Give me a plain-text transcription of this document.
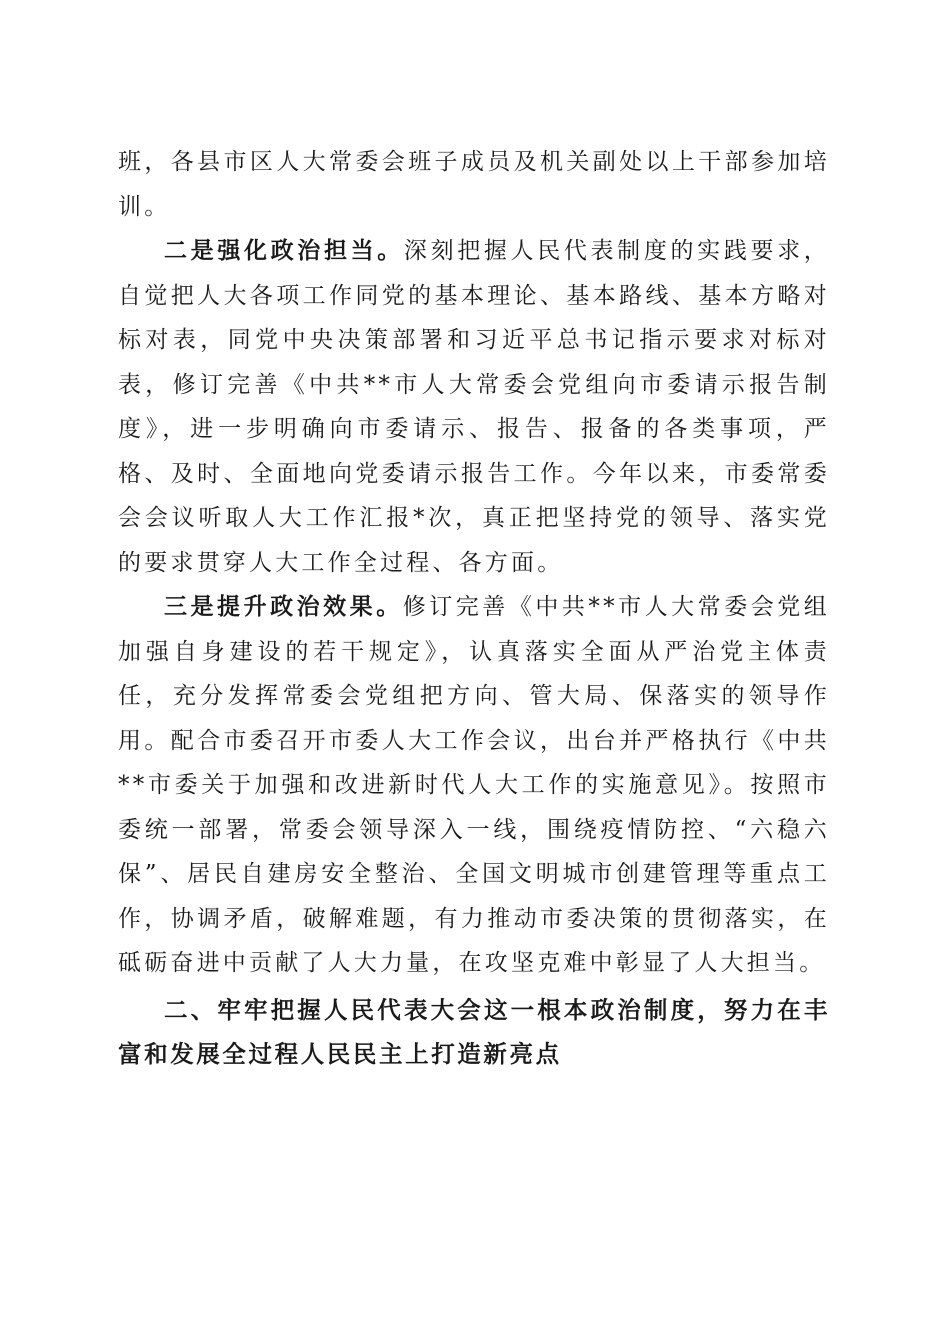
班，各县市区人大常委会班子成员及机关副处以上干部参加培训。

二是强化政治担当。深刻把握人民代表制度的实践要求，自觉把人大各项工作同党的基本理论、基本路线、基本方略对标对表，同党中央决策部署和习近平总书记指示要求对标对表，修订完善《中共**市人大常委会党组向市委请示报告制度》，进一步明确向市委请示、报告、报备的各类事项，严格、及时、全面地向党委请示报告工作。今年以来，市委常委会会议听取人大工作汇报*次，真正把坚持党的领导、落实党的要求贯穿人大工作全过程、各方面。

三是提升政治效果。修订完善《中共**市人大常委会党组加强自身建设的若干规定》，认真落实全面从严治党主体责任，充分发挥常委会党组把方向、管大局、保落实的领导作用。配合市委召开市委人大工作会议，出台并严格执行《中共**市委关于加强和改进新时代人大工作的实施意见》。按照市委统一部署，常委会领导深入一线，围绕疫情防控、“六稳六保”、居民自建房安全整治、全国文明城市创建管理等重点工作，协调矛盾，破解难题，有力推动市委决策的贯彻落实，在砥砺奋进中贡献了人大力量，在攻坚克难中彰显了人大担当。

二、牢牢把握人民代表大会这一根本政治制度，努力在丰富和发展全过程人民民主上打造新亮点
